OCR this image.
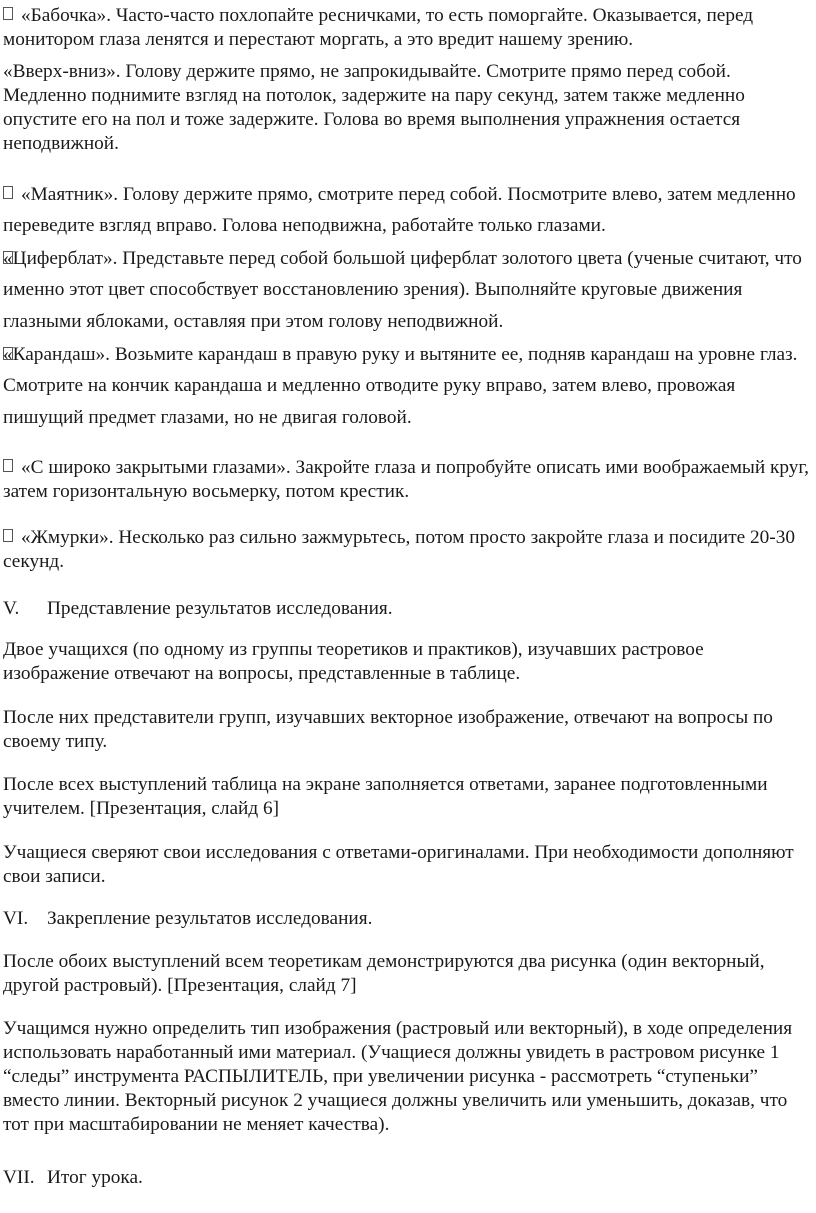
«Бабочка». Часто-часто похлопайте ресничками, то есть поморгайте. Оказывается, перед монитором глаза ленятся и перестают моргать, а это вредит нашему зрению.

«Вверх-вниз». Голову держите прямо, не запрокидывайте. Смотрите прямо перед собой. Медленно поднимите взгляд на потолок, задержите на пару секунд, затем также медленно опустите его на пол и тоже задержите. Голова во время выполнения упражнения остается неподвижной.

«Маятник». Голову держите прямо, смотрите перед собой. Посмотрите влево, затем медленно переведите взгляд вправо. Голова неподвижна, работайте только глазами.

«Циферблат». Представьте перед собой большой циферблат золотого цвета (ученые считают, что именно этот цвет способствует восстановлению зрения). Выполняйте круговые движения глазными яблоками, оставляя при этом голову неподвижной.

«Карандаш». Возьмите карандаш в правую руку и вытяните ее, подняв карандаш на уровне глаз. Смотрите на кончик карандаша и медленно отводите руку вправо, затем влево, провожая пишущий предмет глазами, но не двигая головой.

«С широко закрытыми глазами». Закройте глаза и попробуйте описать ими воображаемый круг, затем горизонтальную восьмерку, потом крестик.

«Жмурки». Несколько раз сильно зажмурьтесь, потом просто закройте глаза и посидите 20-30 секунд.

V. Представление результатов исследования.

Двое учащихся (по одному из группы теоретиков и практиков), изучавших растровое изображение отвечают на вопросы, представленные в таблице.

После них представители групп, изучавших векторное изображение, отвечают на вопросы по своему типу.

После всех выступлений таблица на экране заполняется ответами, заранее подготовленными учителем. [Презентация, слайд 6]

Учащиеся сверяют свои исследования с ответами-оригиналами. При необходимости дополняют свои записи.

VI. Закрепление результатов исследования.

После обоих выступлений всем теоретикам демонстрируются два рисунка (один векторный, другой растровый). [Презентация, слайд 7]

Учащимся нужно определить тип изображения (растровый или векторный), в ходе определения использовать наработанный ими материал. (Учащиеся должны увидеть в растровом рисунке 1 “следы” инструмента РАСПЫЛИТЕЛЬ, при увеличении рисунка - рассмотреть “ступеньки” вместо линии. Векторный рисунок 2 учащиеся должны увеличить или уменьшить, доказав, что тот при масштабировании не меняет качества).

VII. Итог урока.
